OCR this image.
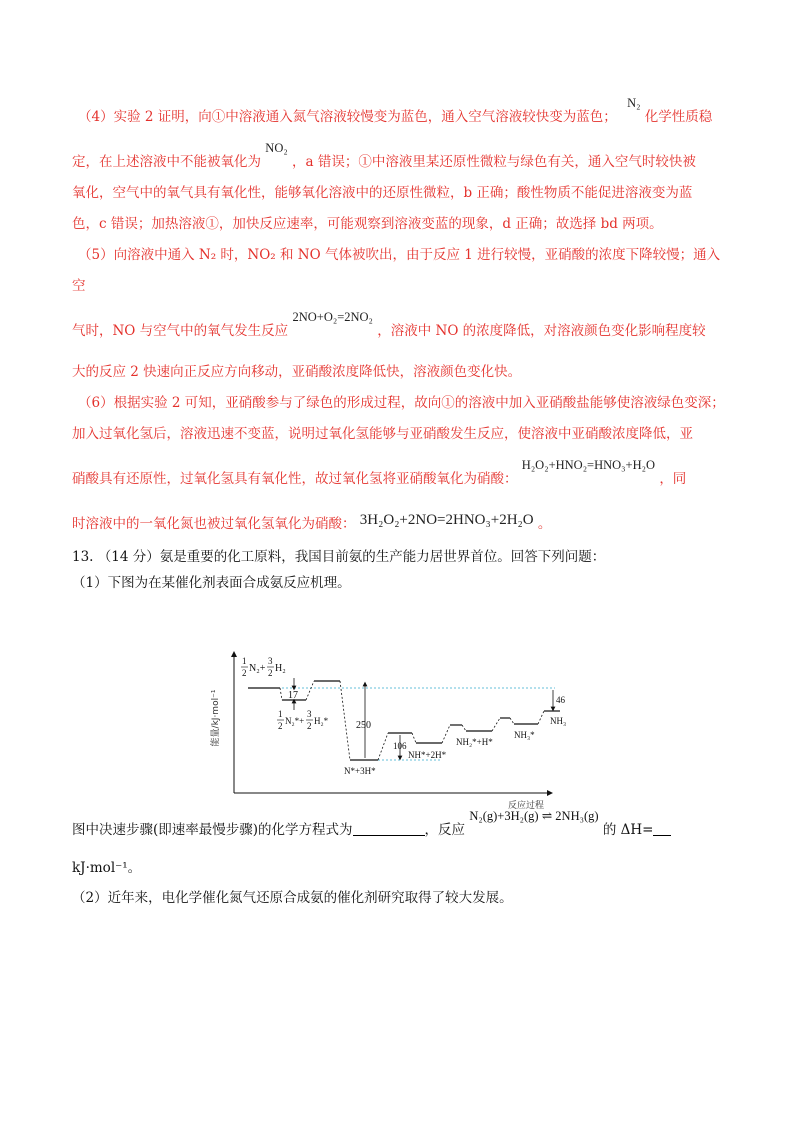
（4）实验 2 证明，向①中溶液通入氮气溶液较慢变为蓝色，通入空气溶液较快变为蓝色； N₂ 化学性质稳

定，在上述溶液中不能被氧化为 NO₂ ，a 错误；①中溶液里某还原性微粒与绿色有关，通入空气时较快被

氧化，空气中的氧气具有氧化性，能够氧化溶液中的还原性微粒，b 正确；酸性物质不能促进溶液变为蓝

色，c 错误；加热溶液①，加快反应速率，可能观察到溶液变蓝的现象，d 正确；故选择 bd 两项。

（5）向溶液中通入 N₂ 时，NO₂ 和 NO 气体被吹出，由于反应 1 进行较慢，亚硝酸的浓度下降较慢；通入空

气时，NO 与空气中的氧气发生反应 2NO+O₂=2NO₂ ，溶液中 NO 的浓度降低，对溶液颜色变化影响程度较

大的反应 2 快速向正反应方向移动，亚硝酸浓度降低快，溶液颜色变化快。

（6）根据实验 2 可知，亚硝酸参与了绿色的形成过程，故向①的溶液中加入亚硝酸盐能够使溶液绿色变深；

加入过氧化氢后，溶液迅速不变蓝，说明过氧化氢能够与亚硝酸发生反应，使溶液中亚硝酸浓度降低，亚

硝酸具有还原性，过氧化氢具有氧化性，故过氧化氢将亚硝酸氧化为硝酸： H₂O₂+HNO₂=HNO₃+H₂O ，同

时溶液中的一氧化氮也被过氧化氢氧化为硝酸： 3H₂O₂+2NO=2HNO₃+2H₂O 。

13. （14 分）氨是重要的化工原料，我国目前氨的生产能力居世界首位。回答下列问题：

（1）下图为在某催化剂表面合成氨反应机理。

图中决速步骤(即速率最慢步骤)的化学方程式为	，反应 N₂(g)+3H₂(g) ⇌ 2NH₃(g) 的 ΔH=

kJ·mol⁻¹。

（2）近年来，电化学催化氮气还原合成氨的催化剂研究取得了较大发展。

能量/kJ·mol⁻¹
反应过程
17
250
106
46
1
2 N₂+
3
2 H₂
1
2 N₂*+
3
2 H₂*
N*+3H*
NH*+2H*
NH₂*+H*
NH₃*
NH₃
